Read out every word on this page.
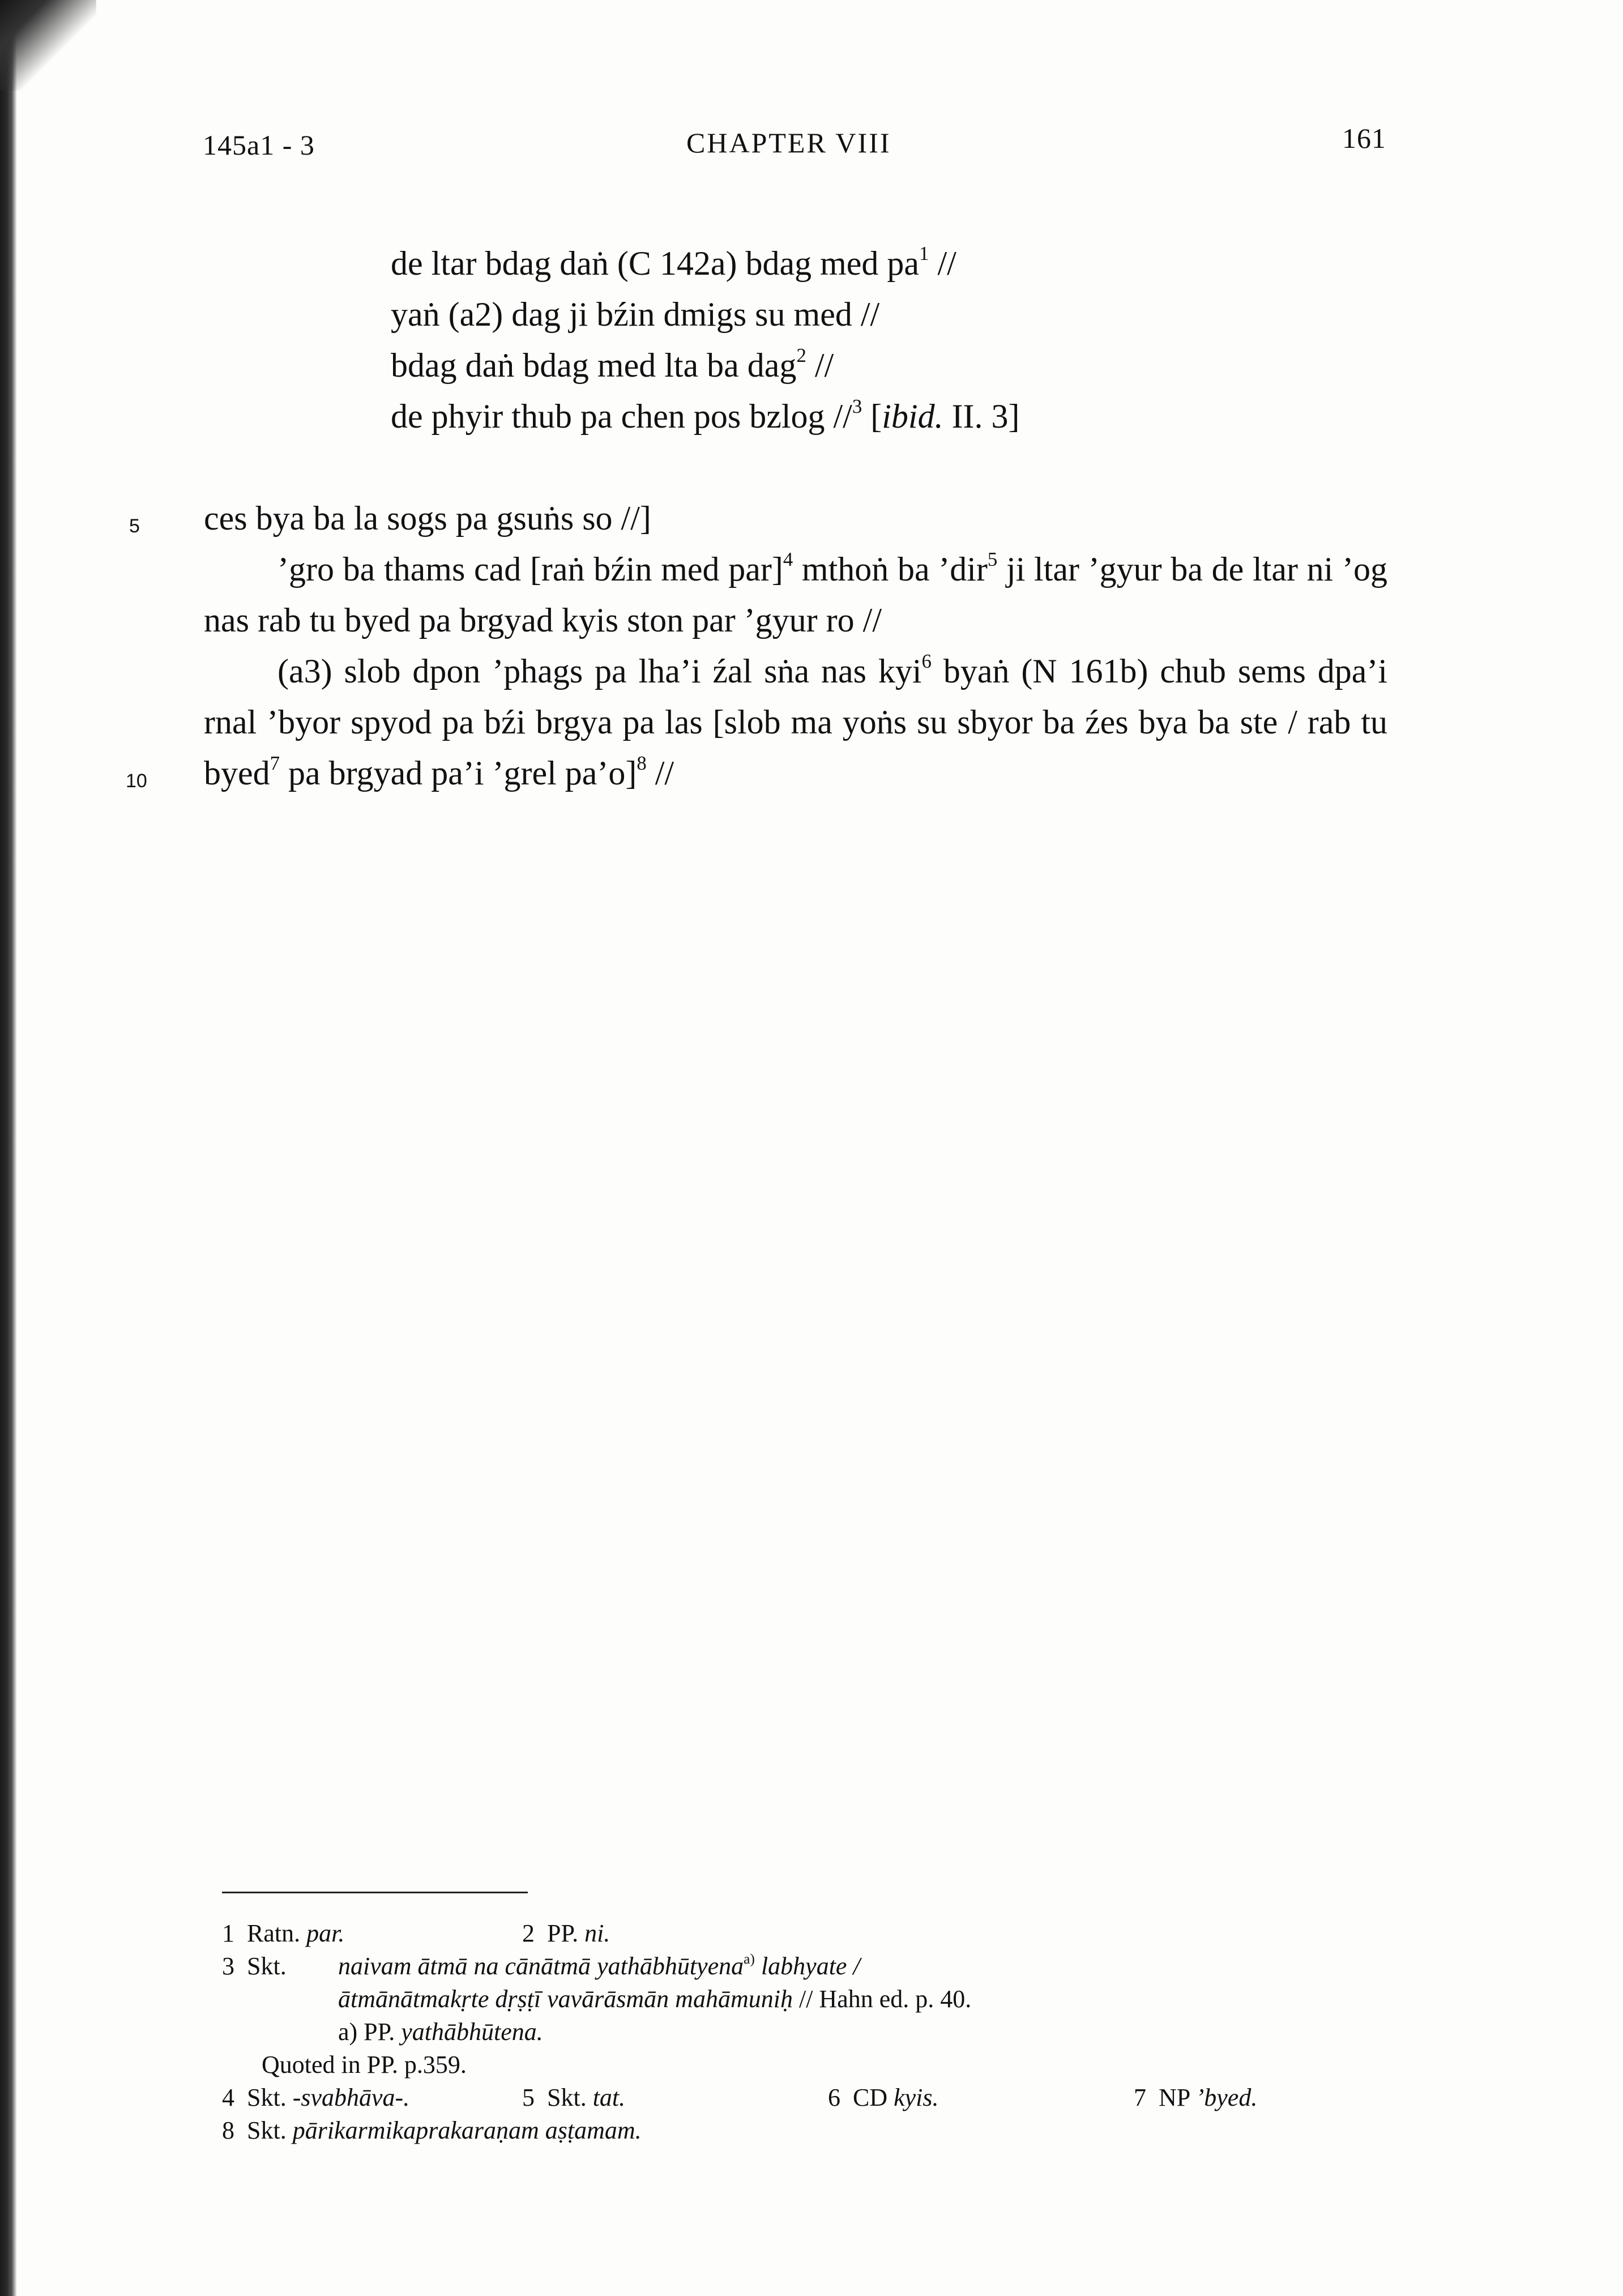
145a1 - 3	CHAPTER VIII	161
de ltar bdag daṅ (C 142a) bdag med $pa^1$ //
yaṅ (a2) dag ji bźin dmigs su med //
bdag daṅ bdag med lta ba dag$^2$ //
de phyir thub pa chen pos bzlog //$^3$ [ibid. II. 3]
5
10
ces bya ba la sogs pa gsuṅs so //]
’gro ba thams cad [raṅ bźin med par]$^4$ mthoṅ ba ’dir$^5$ ji ltar ’gyur ba de ltar ni ’og nas rab tu byed pa brgyad kyis ston par ’gyur ro //
(a3) slob dpon ’phags pa lha’i źal sṅa nas kyi$^6$ byaṅ (N 161b) chub sems dpa’i rnal ’byor spyod pa bźi brgya pa las [slob ma yoṅs su sbyor ba źes bya ba ste / rab tu byed$^7$ pa brgyad pa’i ’grel pa’o]$^8$ //
1 Ratn. par.	2 PP. ni.
3 Skt. naivam ātmā na cānātmā yathābhūtyena$^{a)}$ labhyate /
ātmānātmakṛte dṛṣṭī vavārāsmān mahāmuniḥ // Hahn ed. p. 40.
a) PP. yathābhūtena.
Quoted in PP. p.359.
4 Skt. -svabhāva-.	5 Skt. tat.	6 CD kyis.	7 NP ’byed.
8 Skt. pārikarmikaprakaraṇam aṣṭamam.
